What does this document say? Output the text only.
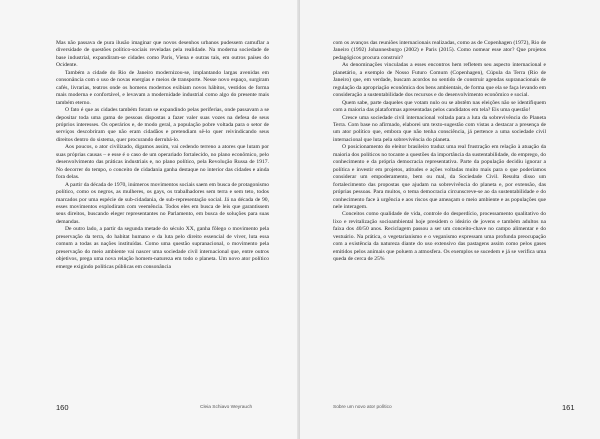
Mas não passava de pura ilusão imaginar que novos desenhos urbanos pudessem camuflar a diversidade de questões político-sociais reveladas pela realidade. Na moderna sociedade de base industrial, expandiram-se cidades como Paris, Viena e outras tais, em outros países do Ocidente.

Também a cidade do Rio de Janeiro modernizou-se, implantando largas avenidas em consonância com o uso de novas energias e meios de transporte. Nesse novo espaço, surgiram cafés, livrarias, teatros onde os homens modernos exibiam novos hábitos, vestidos de forma mais moderna e confortável, e levavam a modernidade industrial como algo do presente mais também eterno.

O fato é que as cidades também foram se expandindo pelas periferias, onde passavam a se depositar toda uma gama de pessoas dispostas a fazer valer suas vozes na defesa de seus próprios interesses. Os operários e, de modo geral, a população pobre voltada para o setor de serviços descobriram que não eram cidadãos e pretendiam sê-lo quer reivindicando seus direitos dentro do sistema, quer procurando derrubá-lo.

Aos poucos, o ator civilizado, digamos assim, vai cedendo terreno a atores que lutam por suas próprias causas – e esse é o caso de um operariado fortalecido, no plano econômico, pelo desenvolvimento das práticas industriais e, no plano político, pela Revolução Russa de 1917. No decorrer do tempo, o conceito de cidadania ganha destaque no interior das cidades e ainda fora delas.

A partir da década de 1970, inúmeros movimentos sociais saem em busca de protagonismo político, como os negros, as mulheres, os gays, os trabalhadores sem terra e sem teto, todos marcados por uma espécie de sub-cidadania, de sub-representação social. Já na década de 90, esses movimentos explodiram com veemência. Todos eles em busca de leis que garantissem seus direitos, buscando eleger representantes no Parlamento, em busca de soluções para suas demandas.

De outro lado, a partir da segunda metade do século XX, ganha fôlego o movimento pela preservação da terra, do habitat humano e da luta pelo direito essencial de viver, luta essa comum a todas as nações instituídas. Como uma questão supranacional, o movimento pela preservação do meio ambiente vai nascer uma sociedade civil internacional que, entre outros objetivos, prega uma nova relação homem-natureza em todo o planeta. Um novo ator político emerge exigindo políticas públicas em consonância

160	Cleia Schiavo Weyrauch

com os avanços das reuniões internacionais realizadas, como as de Copenhagen (1972), Rio de Janeiro (1992) Johannesburgo (2002) e Paris (2015). Como nomear esse ator? Que projetos pedagógicos procura construir?

As denominações vinculadas a esses encontros hem refletem seu aspecto internacional e planetário, a exemplo de Nosso Futuro Comum (Copenhagen), Cúpula da Terra (Rio de Janeiro) que, em verdade, buscam acordos no sentido de construir agendas supranacionais de regulação da apropriação econômica dos bens ambientais, de forma que ela se faça levando em consideração a sustentabilidade dos recursos e do desenvolvimento econômico e social.

Quem sabe, parte daqueles que votam nulo ou se abstêm nas eleições não se identifiquem com a maioria das plataformas apresentadas pelos candidatos em tela? Eis uma questão!

Cresce uma sociedade civil internacional voltada para a luta da sobrevivência do Planeta Terra. Com base no afirmado, elaborei um texto-sugestão com vistas a destacar a presença de um ator político que, embora que não tenha consciência, já pertence a uma sociedade civil internacional que luta pela sobrevivência do planeta.

O posicionamento do eleitor brasileiro traduz uma real frustração em relação à atuação da maioria dos políticos no tocante a questões da importância da sustentabilidade, do emprego, do conhecimento e da própria democracia representativa. Parte da população decidiu ignorar a política e investir em projetos, atitudes e ações voltadas muito mais para o que poderíamos considerar um empoderamento, bem ou mal, da Sociedade Civil. Resulta disso um fortalecimento das propostas que ajudam na sobrevivência do planeta e, por extensão, das próprias pessoas. Para muitos, o tema democracia circunscreve-se ao da sustentabilidade e do conhecimento face à urgência e aos riscos que ameaçam o meio ambiente e as populações que nele interagem.

Conceitos como qualidade de vida, controle do desperdício, processamento qualitativo do lixo e revitalização socioambiental hoje presidem o ideário de jovens e também adultos na faixa dos 40/50 anos. Reciclagem passou a ser um conceito-chave no campo alimentar e do vestuário. Na prática, o vegetarianismo e o veganismo expressam uma profunda preocupação com a existência da natureza diante do uso extensivo das pastagens assim como pelos gases emitidos pelos animais que poluem a atmosfera. Os exemplos se sucedem e já se verifica uma queda de cerca de 25%

Sobre um novo ator político	161
